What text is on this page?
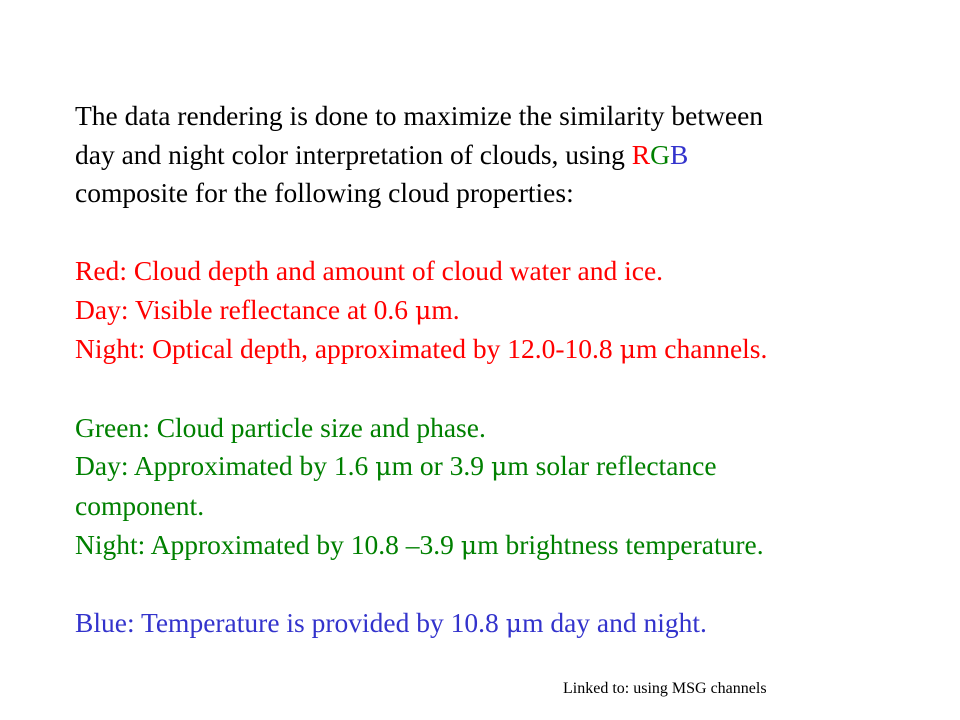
The data rendering is done to maximize the similarity between
day and night color interpretation of clouds, using RGB
composite for the following cloud properties:
Red: Cloud depth and amount of cloud water and ice.
Day: Visible reflectance at 0.6 μm.
Night: Optical depth, approximated by 12.0-10.8 μm channels.
Green: Cloud particle size and phase.
Day: Approximated by 1.6 μm or 3.9 μm solar reflectance
component.
Night: Approximated by 10.8 –3.9 μm brightness temperature.
Blue: Temperature is provided by 10.8 μm day and night.
Linked to: using MSG channels
